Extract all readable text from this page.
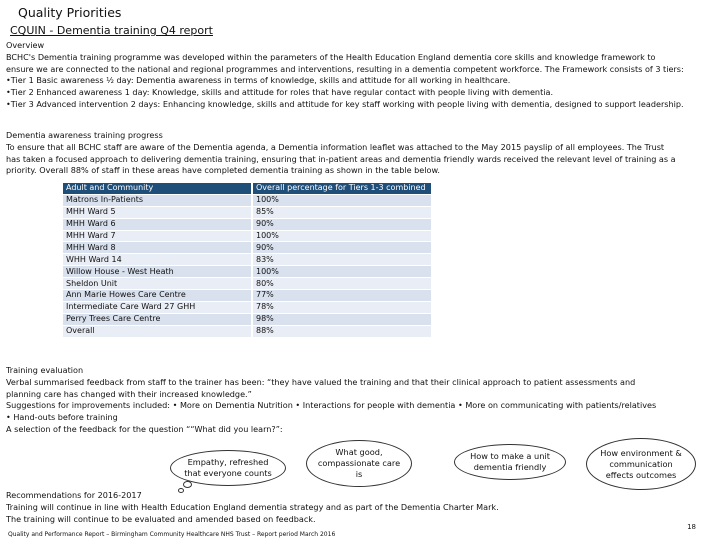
Quality Priorities
CQUIN - Dementia training Q4 report

Overview

BCHC's Dementia training programme was developed within the parameters of the Health Education England dementia core skills and knowledge framework to

ensure we are connected to the national and regional programmes and interventions, resulting in a dementia competent workforce. The Framework consists of 3 tiers:

•Tier 1 Basic awareness ½ day: Dementia awareness in terms of knowledge, skills and attitude for all working in healthcare.

•Tier 2 Enhanced awareness 1 day: Knowledge, skills and attitude for roles that have regular contact with people living with dementia.

•Tier 3 Advanced intervention 2 days: Enhancing knowledge, skills and attitude for key staff working with people living with dementia, designed to support leadership.

Dementia awareness training progress

To ensure that all BCHC staff are aware of the Dementia agenda, a Dementia information leaflet was attached to the May 2015 payslip of all employees. The Trust

has taken a focused approach to delivering dementia training, ensuring that in-patient areas and dementia friendly wards received the relevant level of training as a

priority. Overall 88% of staff in these areas have completed dementia training as shown in the table below.

Adult and Community	Overall percentage for Tiers 1-3 combined
Matrons In-Patients	100%
MHH Ward 5	85%
MHH Ward 6	90%
MHH Ward 7	100%
MHH Ward 8	90%
WHH Ward 14	83%
Willow House - West Heath	100%
Sheldon Unit	80%
Ann Marie Howes Care Centre	77%
Intermediate Care Ward 27 GHH	78%
Perry Trees Care Centre	98%
Overall	88%

Training evaluation

Verbal summarised feedback from staff to the trainer has been: “they have valued the training and that their clinical approach to patient assessments and

planning care has changed with their increased knowledge.”

Suggestions for improvements included: • More on Dementia Nutrition • Interactions for people with dementia • More on communicating with patients/relatives

• Hand-outs before training

A selection of the feedback for the question ““What did you learn?”:

Empathy, refreshed that everyone counts
What good, compassionate care is
How to make a unit dementia friendly
How environment & communication effects outcomes

Recommendations for 2016-2017

Training will continue in line with Health Education England dementia strategy and as part of the Dementia Charter Mark.

The training will continue to be evaluated and amended based on feedback.

Quality and Performance Report – Birmingham Community Healthcare NHS Trust – Report period March 2016
18
